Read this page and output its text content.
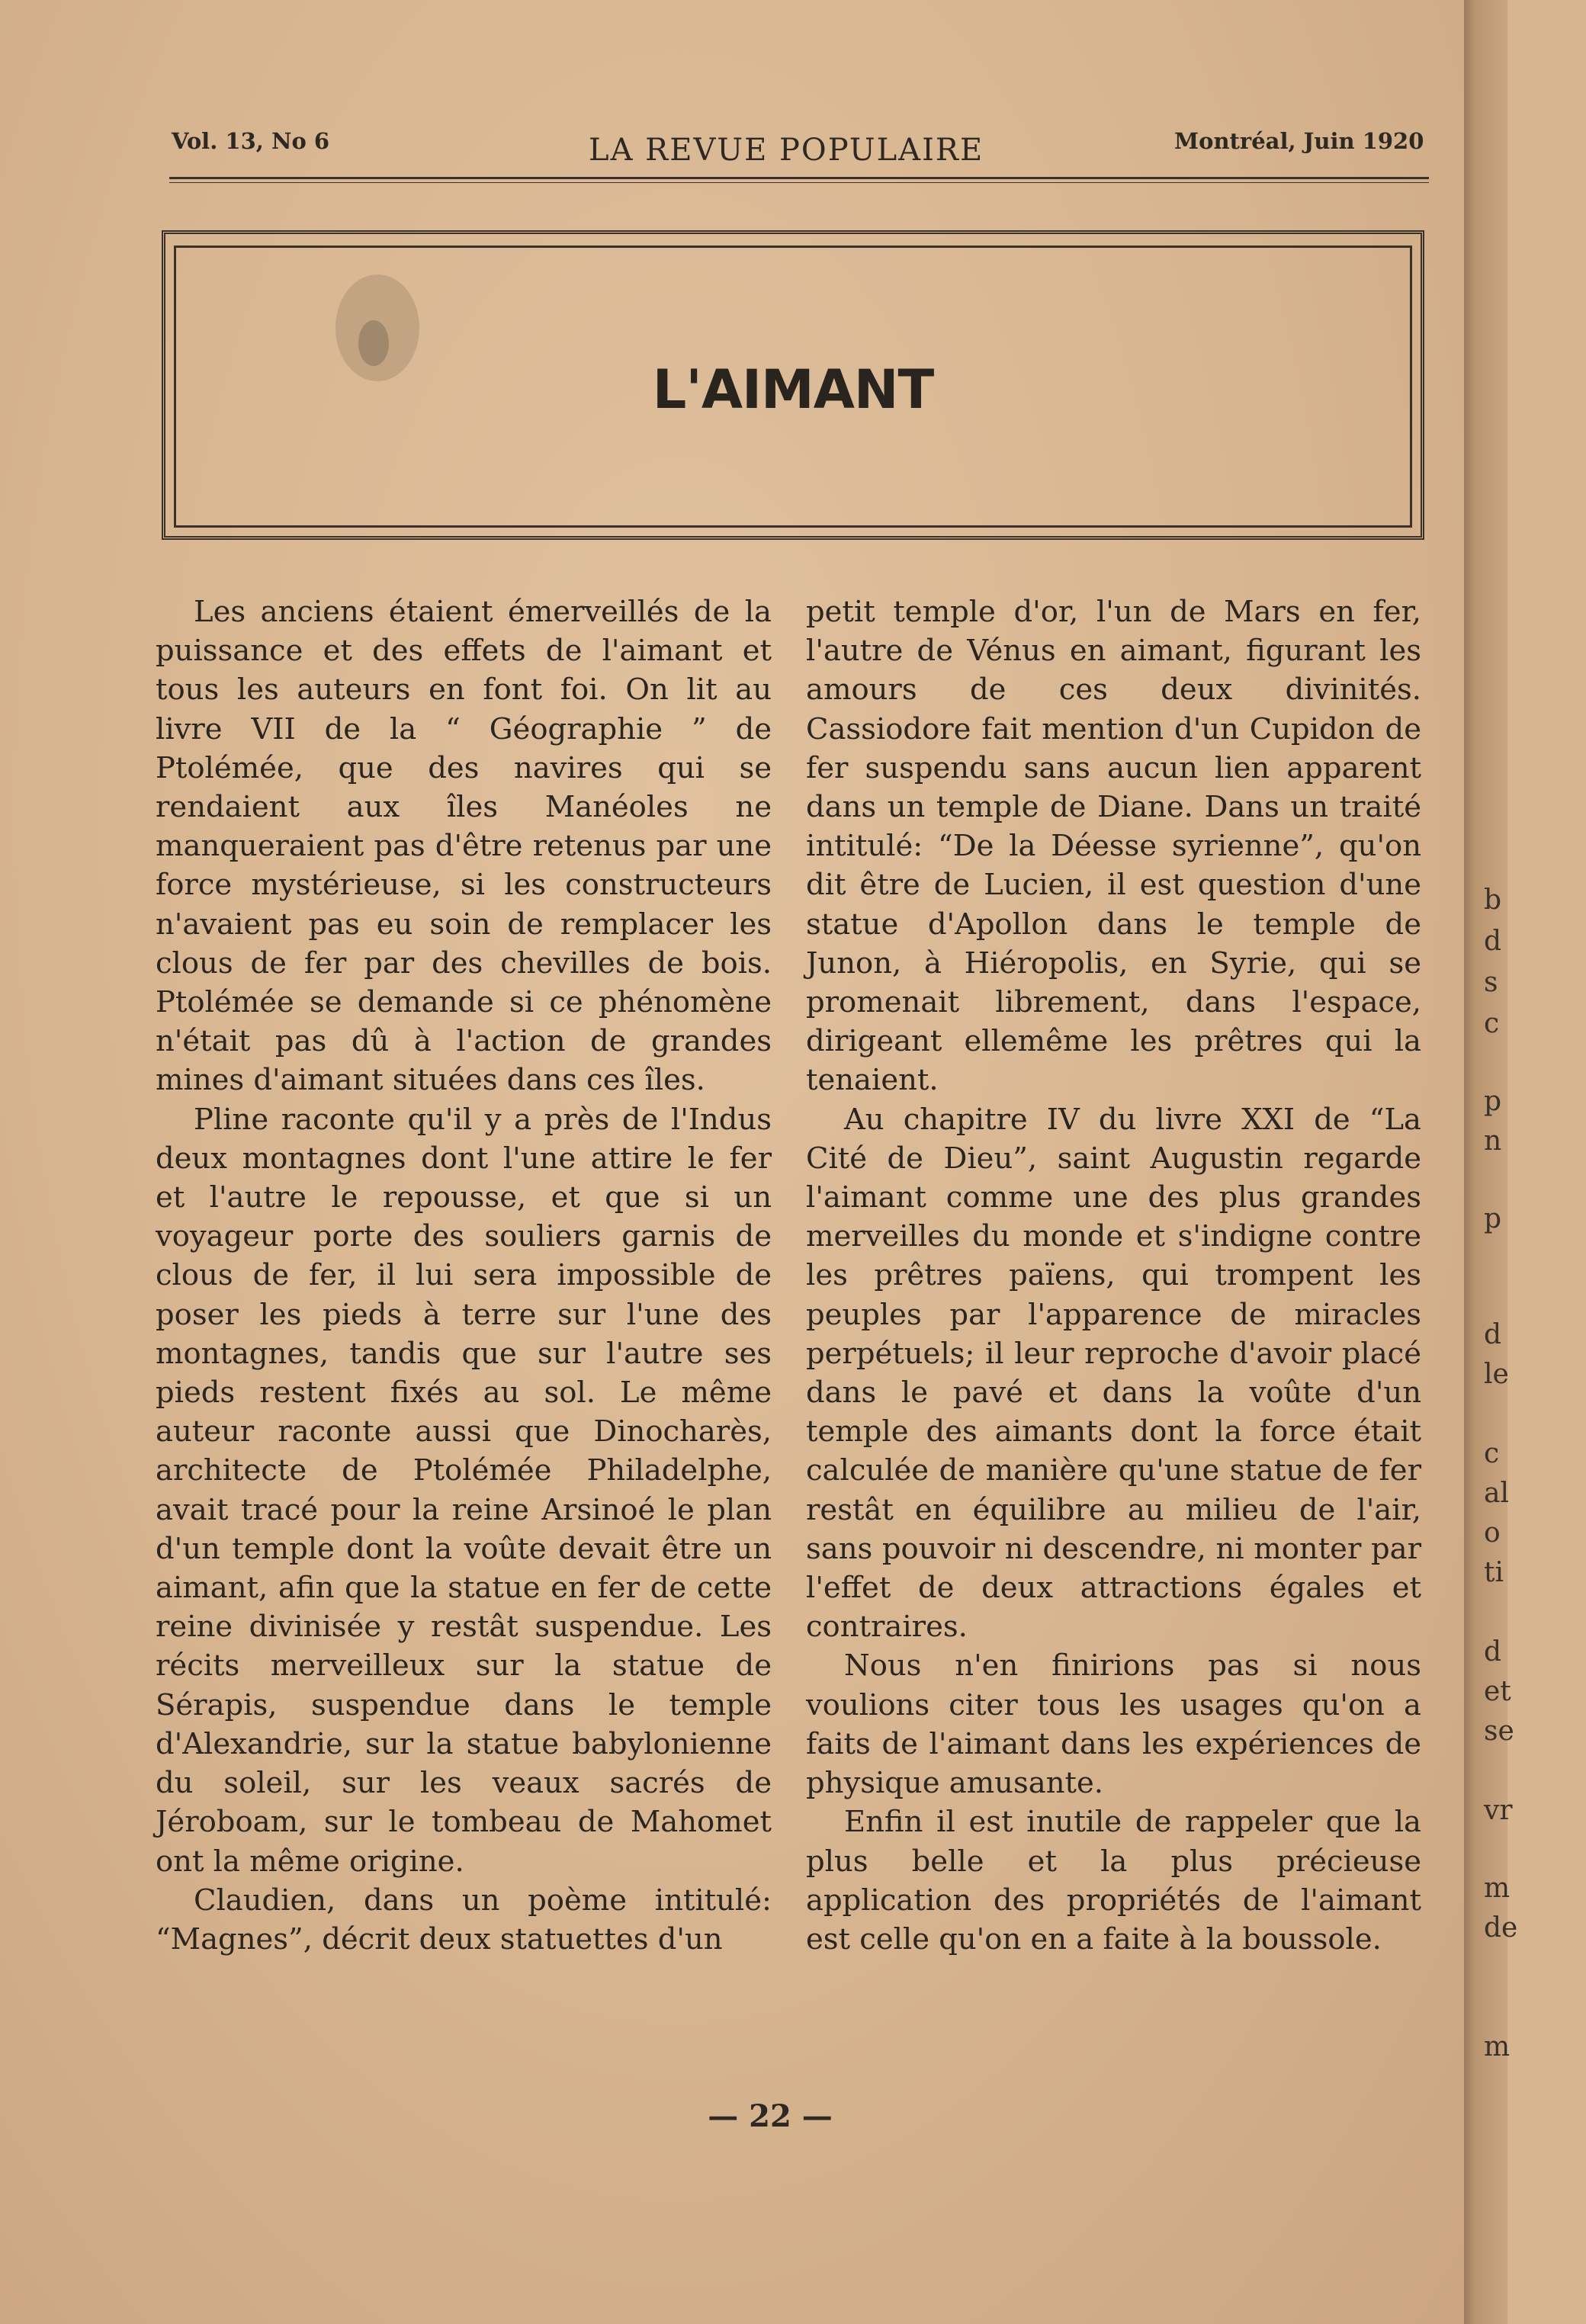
Vol. 13, No 6	LA REVUE POPULAIRE	Montréal, Juin 1920
L'AIMANT

Les anciens étaient émerveillés de la puissance et des effets de l'aimant et tous les auteurs en font foi. On lit au livre VII de la “ Géographie ” de Ptolémée, que des navires qui se rendaient aux îles Manéoles ne manqueraient pas d'être retenus par une force mystérieuse, si les constructeurs n'avaient pas eu soin de remplacer les clous de fer par des chevilles de bois. Ptolémée se demande si ce phénomène n'était pas dû à l'action de grandes mines d'aimant situées dans ces îles.

Pline raconte qu'il y a près de l'Indus deux montagnes dont l'une attire le fer et l'autre le repousse, et que si un voyageur porte des souliers garnis de clous de fer, il lui sera impossible de poser les pieds à terre sur l'une des montagnes, tandis que sur l'autre ses pieds restent fixés au sol. Le même auteur raconte aussi que Dinocharès, architecte de Ptolémée Philadelphe, avait tracé pour la reine Arsinoé le plan d'un temple dont la voûte devait être un aimant, afin que la statue en fer de cette reine divinisée y restât suspendue. Les récits merveilleux sur la statue de Sérapis, suspendue dans le temple d'Alexandrie, sur la statue babylonienne du soleil, sur les veaux sacrés de Jéroboam, sur le tombeau de Mahomet ont la même origine.

Claudien, dans un poème intitulé: “Magnes”, décrit deux statuettes d'un

petit temple d'or, l'un de Mars en fer, l'autre de Vénus en aimant, figurant les amours de ces deux divinités. Cassiodore fait mention d'un Cupidon de fer suspendu sans aucun lien apparent dans un temple de Diane. Dans un traité intitulé: “De la Déesse syrienne”, qu'on dit être de Lucien, il est question d'une statue d'Apollon dans le temple de Junon, à Hiéropolis, en Syrie, qui se promenait librement, dans l'espace, dirigeant ellemême les prêtres qui la tenaient.

Au chapitre IV du livre XXI de “La Cité de Dieu”, saint Augustin regarde l'aimant comme une des plus grandes merveilles du monde et s'indigne contre les prêtres païens, qui trompent les peuples par l'apparence de miracles perpétuels; il leur reproche d'avoir placé dans le pavé et dans la voûte d'un temple des aimants dont la force était calculée de manière qu'une statue de fer restât en équilibre au milieu de l'air, sans pouvoir ni descendre, ni monter par l'effet de deux attractions égales et contraires.

Nous n'en finirions pas si nous voulions citer tous les usages qu'on a faits de l'aimant dans les expériences de physique amusante.

Enfin il est inutile de rappeler que la plus belle et la plus précieuse application des propriétés de l'aimant est celle qu'on en a faite à la boussole.

— 22 —
b
d
s
c
p
n
p
d
le
c
al
o
ti
d
et
se
vr
m
de
m
